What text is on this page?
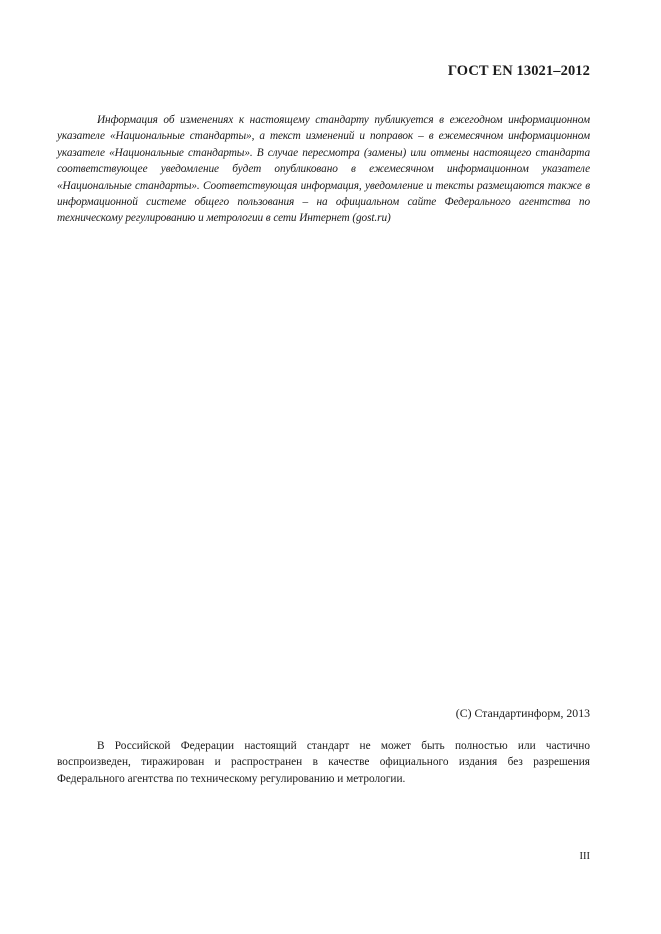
ГОСТ EN 13021–2012

Информация об изменениях к настоящему стандарту публикуется в ежегодном информационном указателе «Национальные стандарты», а текст изменений и поправок – в ежемесячном информационном указателе «Национальные стандарты». В случае пересмотра (замены) или отмены настоящего стандарта соответствующее уведомление будет опубликовано в ежемесячном информационном указателе «Национальные стандарты». Соответствующая информация, уведомление и тексты размещаются также в информационной системе общего пользования – на официальном сайте Федерального агентства по техническому регулированию и метрологии в сети Интернет (gost.ru)

(C) Стандартинформ, 2013

В Российской Федерации настоящий стандарт не может быть полностью или частично воспроизведен, тиражирован и распространен в качестве официального издания без разрешения Федерального агентства по техническому регулированию и метрологии.

III
